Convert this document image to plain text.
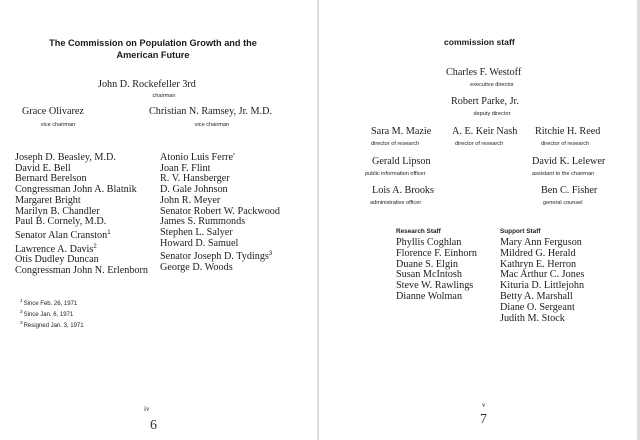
The Commission on Population Growth and the American Future
John D. Rockefeller 3rd
chairman
Grace Olivarez
vice chairman
Christian N. Ramsey, Jr. M.D.
vice chairman
Joseph D. Beasley, M.D.
David E. Bell
Bernard Berelson
Congressman John A. Blatnik
Margaret Bright
Marilyn B. Chandler
Paul B. Cornely, M.D.
Senator Alan Cranston$^1$
Lawrence A. Davis$^2$
Otis Dudley Duncan
Congressman John N. Erlenborn
Atonio Luis Ferre'
Joan F. Flint
R. V. Hansberger
D. Gale Johnson
John R. Meyer
Senator Robert W. Packwood
James S. Rummonds
Stephen L. Salyer
Howard D. Samuel
Senator Joseph D. Tydings$^3$
George D. Woods
$^1$Since Feb. 26, 1971
$^2$Since Jan. 6, 1971
$^3$Resigned Jan. 3, 1971
iv
6
commission staff
Charles F. Westoff
executive director
Robert Parke, Jr.
deputy director
Sara M. Mazie
director of research
A. E. Keir Nash
director of research
Ritchie H. Reed
director of research
Gerald Lipson
public information officer
David K. Lelewer
assistant to the chairman
Lois A. Brooks
administrative officer
Ben C. Fisher
general counsel
Research Staff
Phyllis Coghlan
Florence F. Einhorn
Duane S. Elgin
Susan McIntosh
Steve W. Rawlings
Dianne Wolman
Support Staff
Mary Ann Ferguson
Mildred G. Herald
Kathryn E. Herron
Mac Arthur C. Jones
Kituria D. Littlejohn
Betty A. Marshall
Diane O. Sergeant
Judith M. Stock
v
7
